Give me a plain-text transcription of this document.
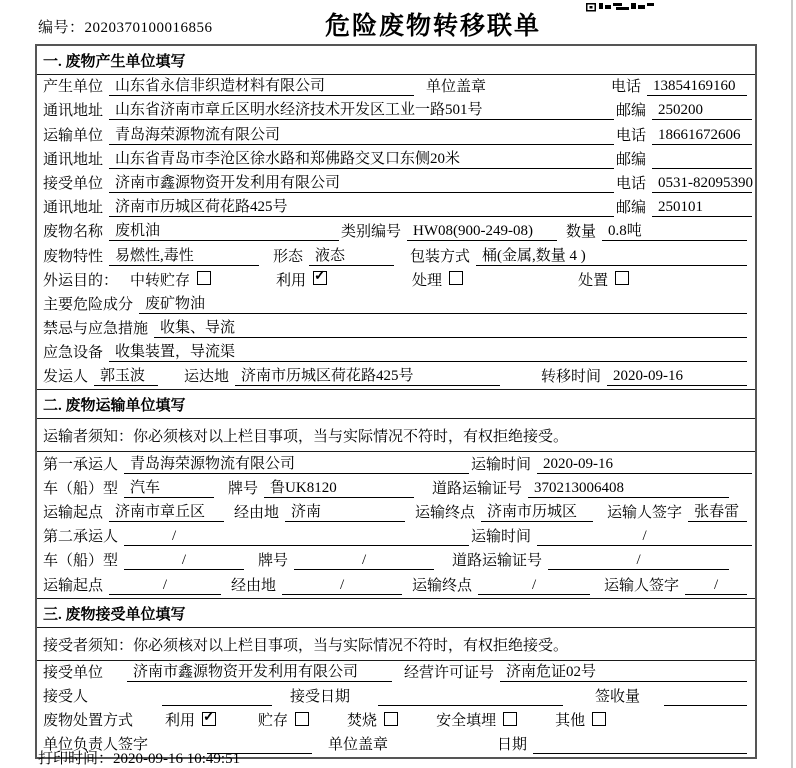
编号：2020370100016856	危险废物转移联单
一. 废物产生单位填写
产生单位 山东省永信非织造材料有限公司	单位盖章	电话 13854169160
通讯地址 山东省济南市章丘区明水经济技术开发区工业一路501号	邮编 250200
运输单位 青岛海荣源物流有限公司	电话 18661672606
通讯地址 山东省青岛市李沧区徐水路和郑佛路交叉口东侧20米	邮编
接受单位 济南市鑫源物资开发利用有限公司	电话 0531-82095390
通讯地址 济南市历城区荷花路425号	邮编 250101
废物名称 废机油	类别编号 HW08(900-249-08)	数量 0.8吨
废物特性 易燃性,毒性	形态 液态	包装方式 桶(金属,数量 4 )
外运目的： 中转贮存	利用 ✓	处理	处置
主要危险成分 废矿物油
禁忌与应急措施 收集、导流
应急设备 收集装置，导流渠
发运人 郭玉波	运达地 济南市历城区荷花路425号	转移时间 2020-09-16
二. 废物运输单位填写
运输者须知：你必须核对以上栏目事项，当与实际情况不符时，有权拒绝接受。
第一承运人 青岛海荣源物流有限公司	运输时间 2020-09-16
车（船）型 汽车	牌号 鲁UK8120	道路运输证号 370213006408
运输起点 济南市章丘区	经由地 济南	运输终点 济南市历城区	运输人签字 张春雷
第二承运人	/	运输时间	/
车（船）型	/	牌号	/	道路运输证号	/
运输起点	/	经由地	/	运输终点	/	运输人签字	/
三. 废物接受单位填写
接受者须知：你必须核对以上栏目事项，当与实际情况不符时，有权拒绝接受。
接受单位	济南市鑫源物资开发利用有限公司	经营许可证号 济南危证02号
接受人	接受日期	签收量
废物处置方式 利用 ✓	贮存	焚烧	安全填埋	其他
单位负责人签字	单位盖章	日期
打印时间：2020-09-16 10:49:51
